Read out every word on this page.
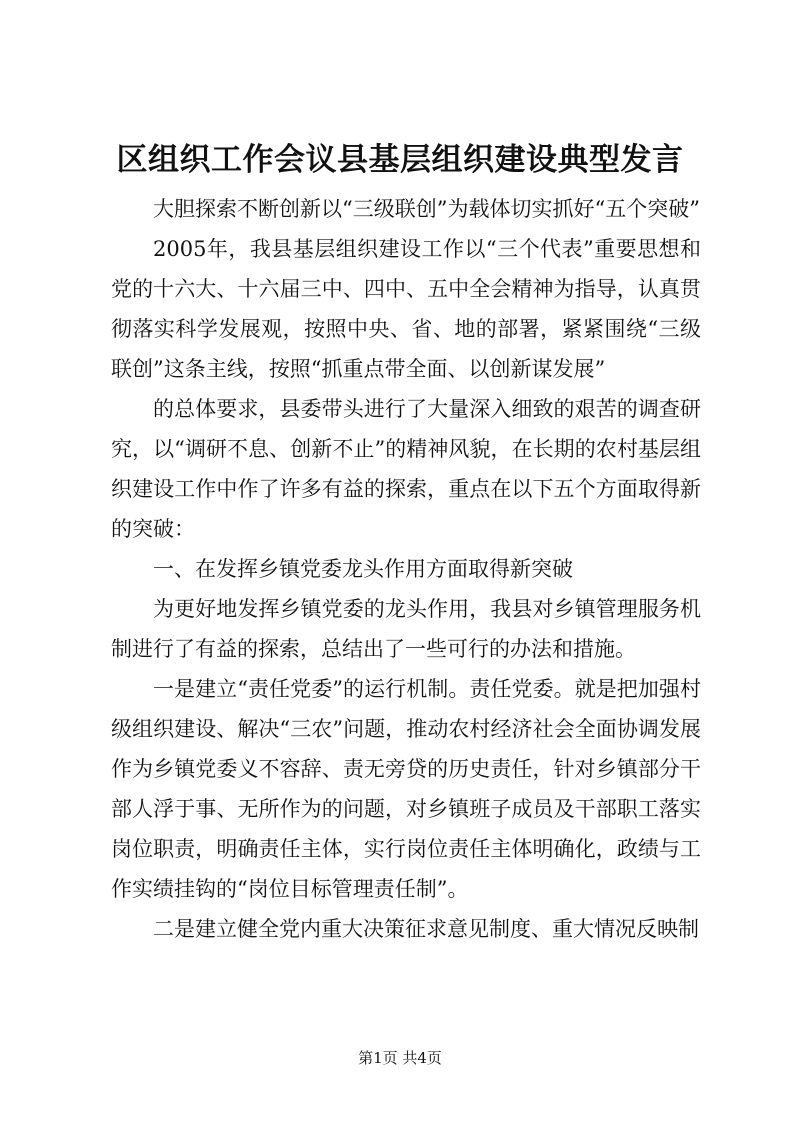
区组织工作会议县基层组织建设典型发言

大胆探索不断创新以“三级联创”为载体切实抓好“五个突破”

2005年，我县基层组织建设工作以“三个代表”重要思想和党的十六大、十六届三中、四中、五中全会精神为指导，认真贯彻落实科学发展观，按照中央、省、地的部署，紧紧围绕“三级联创”这条主线，按照“抓重点带全面、以创新谋发展”

的总体要求，县委带头进行了大量深入细致的艰苦的调查研究，以“调研不息、创新不止”的精神风貌，在长期的农村基层组织建设工作中作了许多有益的探索，重点在以下五个方面取得新的突破：

一、在发挥乡镇党委龙头作用方面取得新突破

为更好地发挥乡镇党委的龙头作用，我县对乡镇管理服务机制进行了有益的探索，总结出了一些可行的办法和措施。

一是建立“责任党委”的运行机制。责任党委。就是把加强村级组织建设、解决“三农”问题，推动农村经济社会全面协调发展作为乡镇党委义不容辞、责无旁贷的历史责任，针对乡镇部分干部人浮于事、无所作为的问题，对乡镇班子成员及干部职工落实岗位职责，明确责任主体，实行岗位责任主体明确化，政绩与工作实绩挂钩的“岗位目标管理责任制”。

二是建立健全党内重大决策征求意见制度、重大情况反映制

第1页 共4页
